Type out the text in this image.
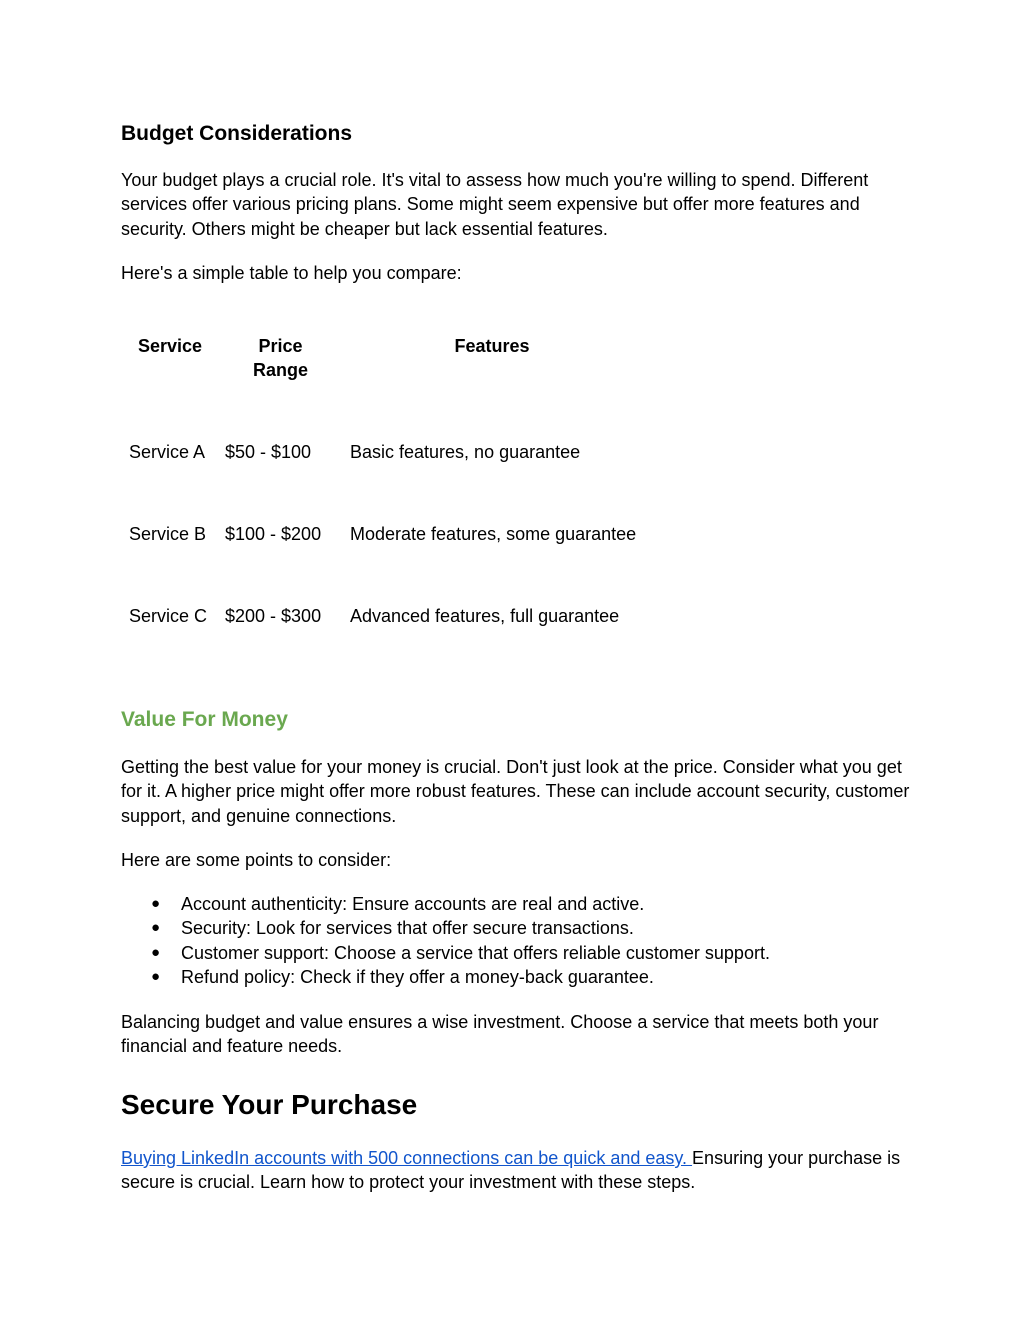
Budget Considerations

Your budget plays a crucial role. It's vital to assess how much you're willing to spend. Different services offer various pricing plans. Some might seem expensive but offer more features and security. Others might be cheaper but lack essential features.

Here's a simple table to help you compare:

Service	Price Range	Features
Service A	$50 - $100	Basic features, no guarantee
Service B	$100 - $200	Moderate features, some guarantee
Service C	$200 - $300	Advanced features, full guarantee
Value For Money

Getting the best value for your money is crucial. Don't just look at the price. Consider what you get for it. A higher price might offer more robust features. These can include account security, customer support, and genuine connections.

Here are some points to consider:

● Account authenticity: Ensure accounts are real and active.
● Security: Look for services that offer secure transactions.
● Customer support: Choose a service that offers reliable customer support.
● Refund policy: Check if they offer a money-back guarantee.

Balancing budget and value ensures a wise investment. Choose a service that meets both your financial and feature needs.

Secure Your Purchase

Buying LinkedIn accounts with 500 connections can be quick and easy. Ensuring your purchase is secure is crucial. Learn how to protect your investment with these steps.
